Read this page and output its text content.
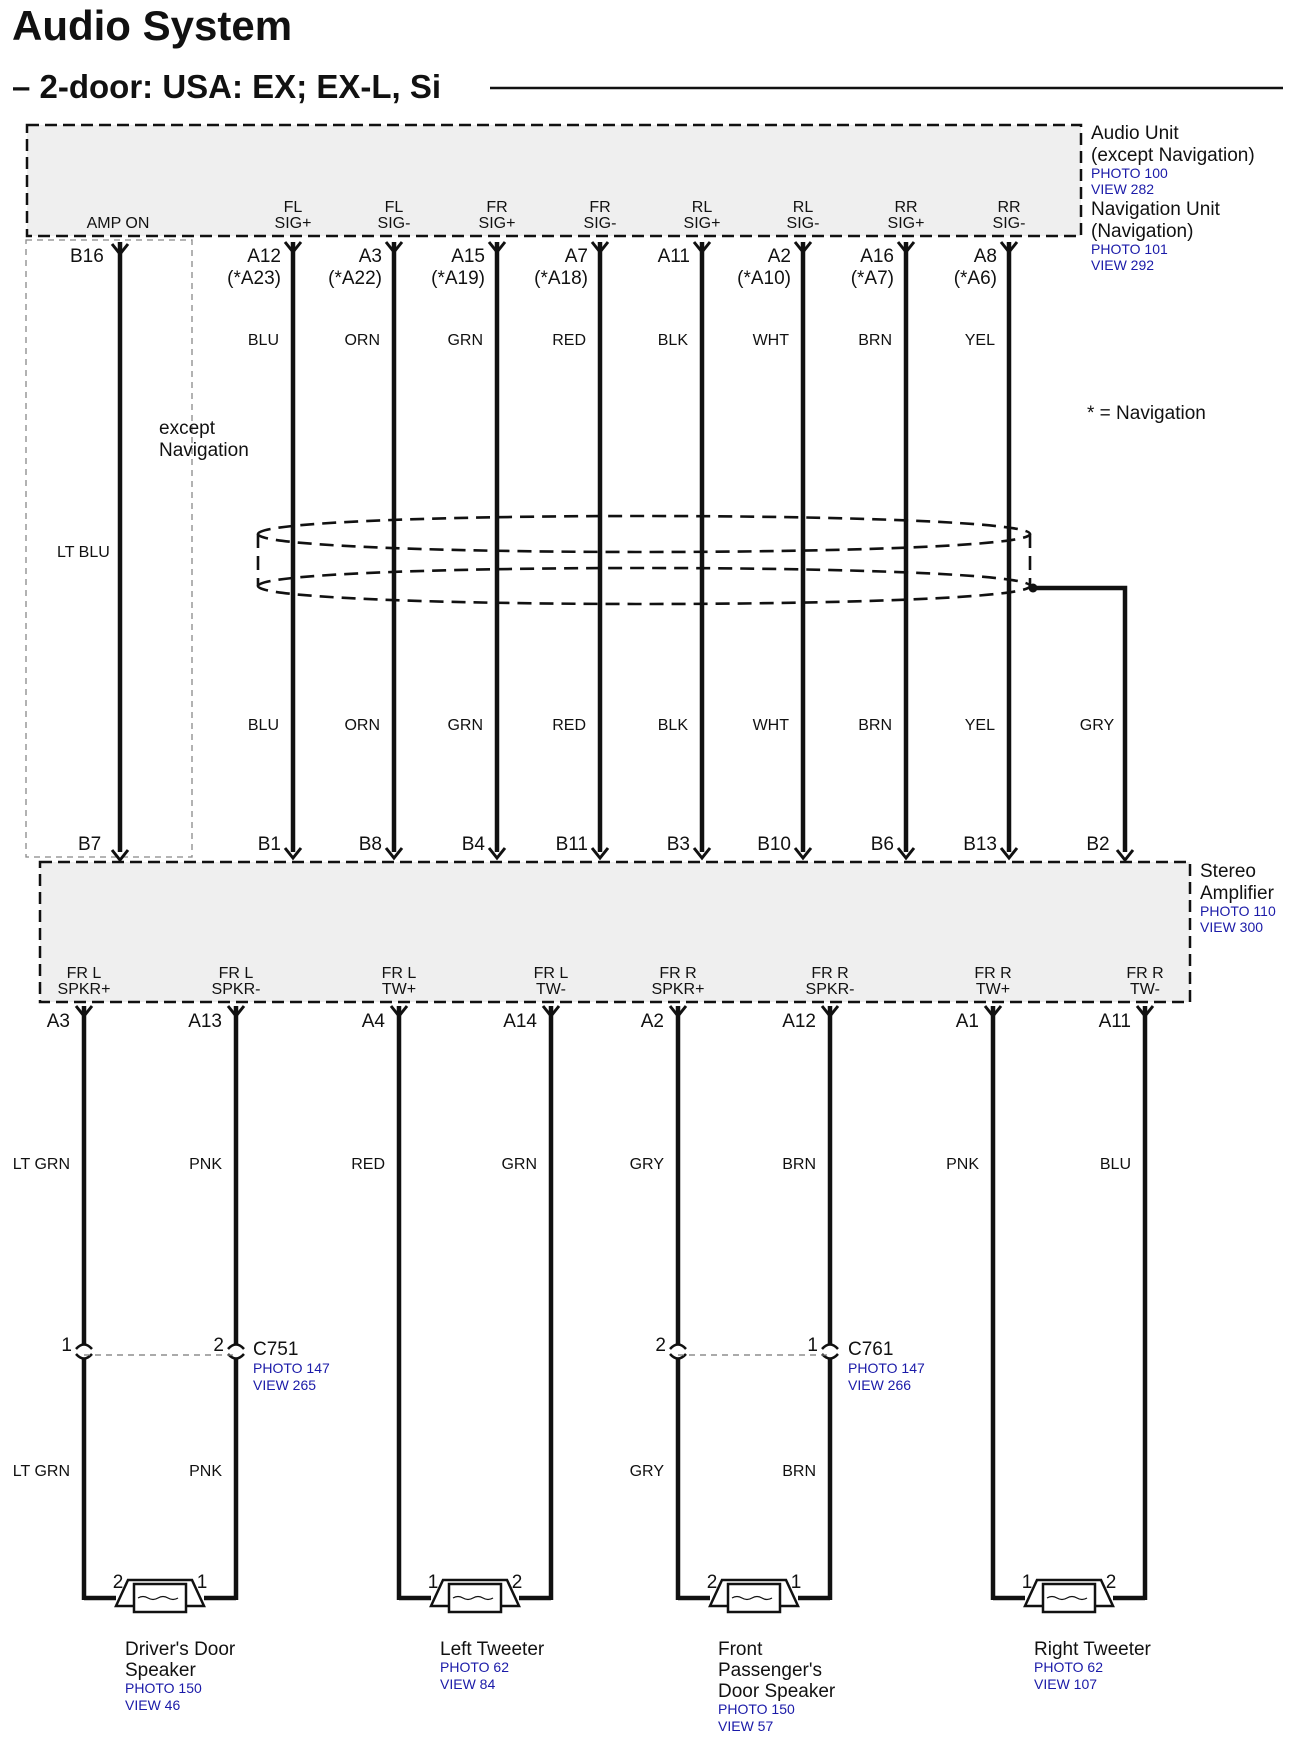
Audio System
– 2-door: USA: EX; EX-L, Si
Audio Unit
(except Navigation)
PHOTO 100
VIEW 282
Navigation Unit
(Navigation)
PHOTO 101
VIEW 292
* = Navigation
except
Navigation
AMP ON
B16
LT BLU
B7
GRY
B2
FL
SIG+
A12
(*A23)
BLU
BLU
B1
FL
SIG-
A3
(*A22)
ORN
ORN
B8
FR
SIG+
A15
(*A19)
GRN
GRN
B4
FR
SIG-
A7
(*A18)
RED
RED
B11
RL
SIG+
A11
BLK
BLK
B3
RL
SIG-
A2
(*A10)
WHT
WHT
B10
RR
SIG+
A16
(*A7)
BRN
BRN
B6
RR
SIG-
A8
(*A6)
YEL
YEL
B13
Stereo
Amplifier
PHOTO 110
VIEW 300
FR L
SPKR+
A3
LT GRN
1
LT GRN
FR L
SPKR-
A13
PNK
2
PNK
FR L
TW+
A4
RED
FR L
TW-
A14
GRN
FR R
SPKR+
A2
GRY
2
GRY
FR R
SPKR-
A12
BRN
1
BRN
FR R
TW+
A1
PNK
FR R
TW-
A11
BLU
C751
PHOTO 147
VIEW 265
C761
PHOTO 147
VIEW 266
2	1
Driver's Door
Speaker
PHOTO 150
VIEW 46
1	2
Left Tweeter
PHOTO 62
VIEW 84
2	1
Front
Passenger's
Door Speaker
PHOTO 150
VIEW 57
1	2
Right Tweeter
PHOTO 62
VIEW 107
